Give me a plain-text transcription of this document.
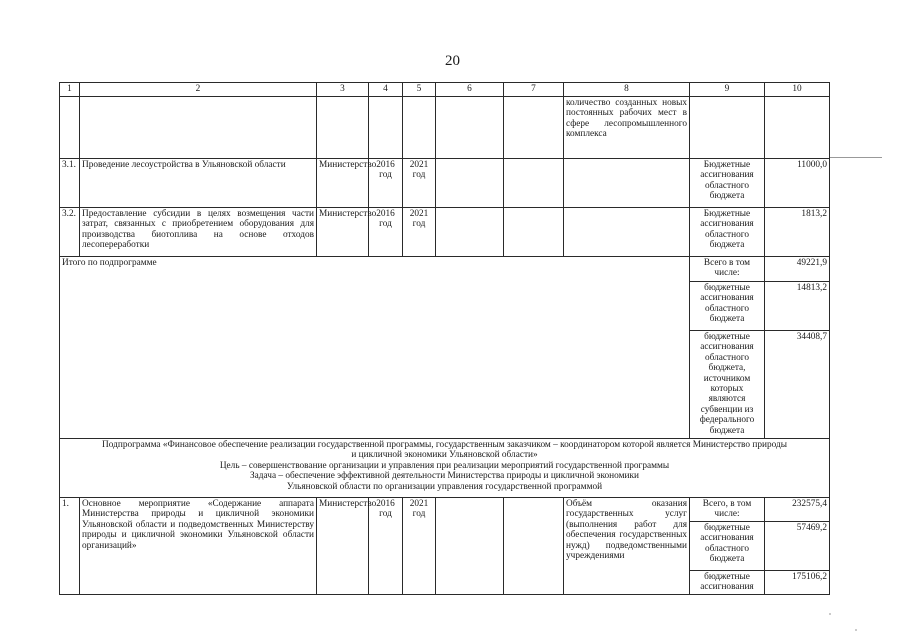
20
1	2	3	4	5	6	7	8	9	10
							количество созданных новых постоянных рабочих мест в сфере лесопромышленного комплекса		
3.1.	Проведение лесоустройства в Ульяновской области	Министерство	2016 год	2021 год				Бюджетные ассигнования областного бюджета	11000,0
3.2.	Предоставление субсидии в целях возмещения части затрат, связанных с приобретением оборудования для производства биотоплива на основе отходов лесопереработки	Министерство	2016 год	2021 год				Бюджетные ассигнования областного бюджета	1813,2
Итого по подпрограмме								Всего в том числе:	49221,9
								бюджетные ассигнования областного бюджета	14813,2
								бюджетные ассигнования областного бюджета, источником которых являются субвенции из федерального бюджета	34408,7

Подпрограмма «Финансовое обеспечение реализации государственной программы, государственным заказчиком – координатором которой является Министерство природы и цикличной экономики Ульяновской области»
Цель – совершенствование организации и управления при реализации мероприятий государственной программы
Задача – обеспечение эффективной деятельности Министерства природы и цикличной экономики Ульяновской области по организации управления государственной программой									

1.	Основное мероприятие «Содержание аппарата Министерства природы и цикличной экономики Ульяновской области и подведомственных Министерству природы и цикличной экономики Ульяновской области организаций»	Министерство	2016 год	2021 год			Объём оказания государственных услуг (выполнения работ для обеспечения государственных нужд) подведомственными учреждениями	Всего, в том числе:	232575,4
								бюджетные ассигнования областного бюджета	57469,2
								бюджетные ассигнования	175106,2
